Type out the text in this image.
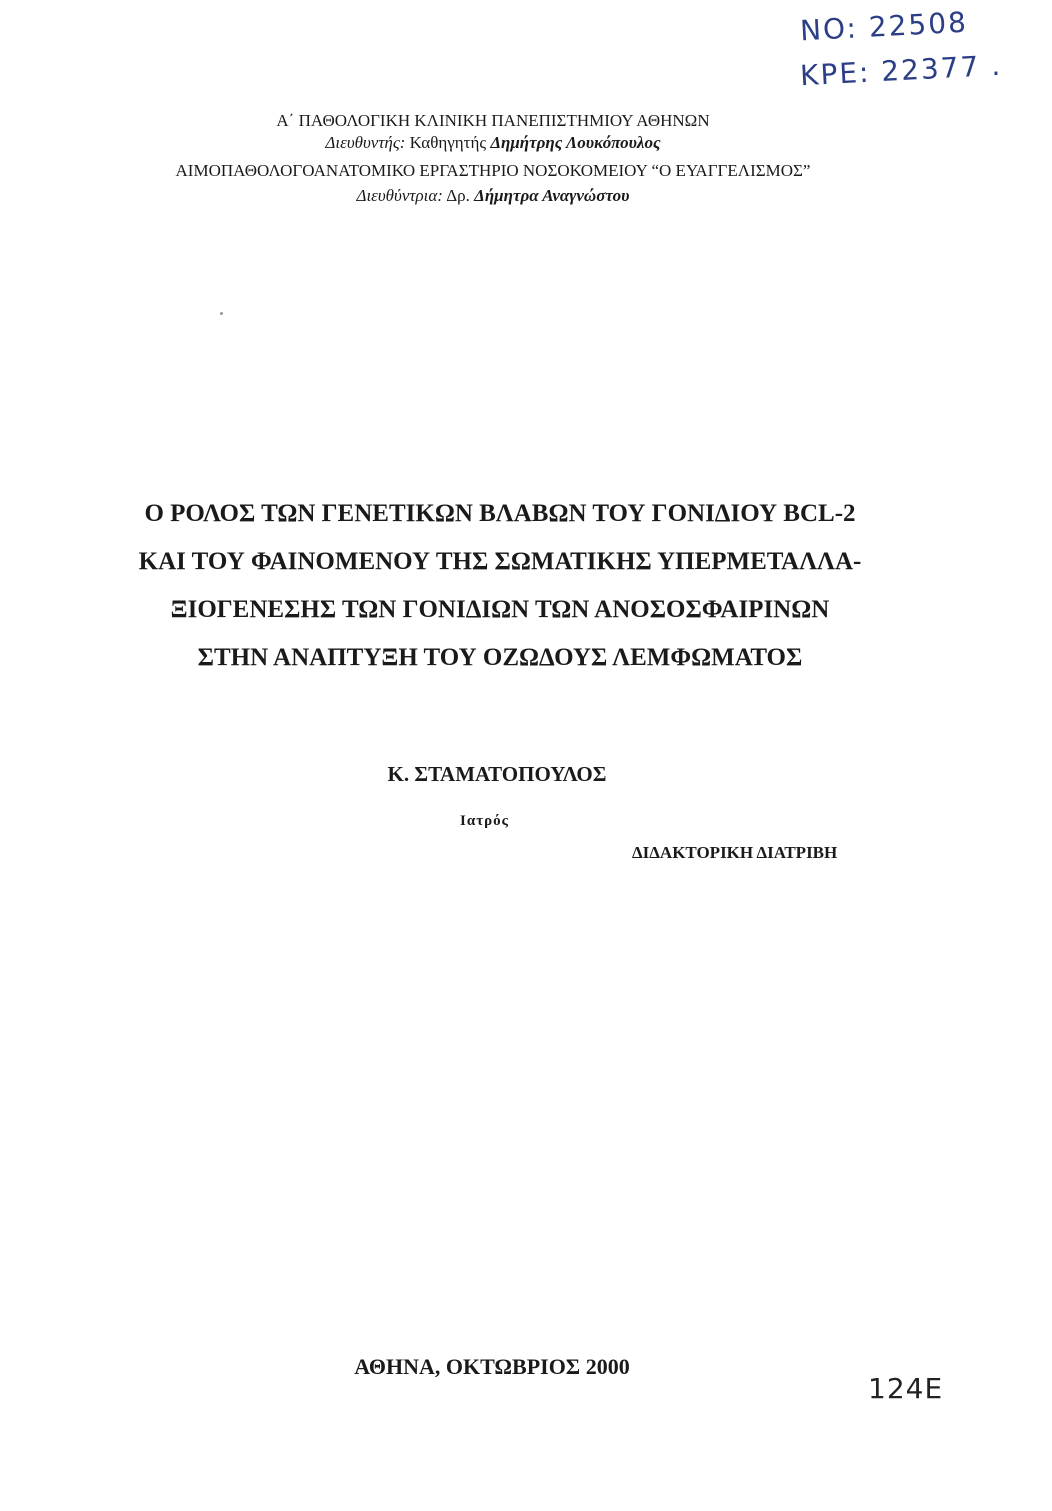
NO: 22508
ΚΡΕ: 22377 .
Α΄ ΠΑΘΟΛΟΓΙΚΗ ΚΛΙΝΙΚΗ ΠΑΝΕΠΙΣΤΗΜΙΟΥ ΑΘΗΝΩΝ
Διευθυντής: Καθηγητής Δημήτρης Λουκόπουλος
ΑΙΜΟΠΑΘΟΛΟΓΟΑΝΑΤΟΜΙΚΟ ΕΡΓΑΣΤΗΡΙΟ ΝΟΣΟΚΟΜΕΙΟΥ “Ο ΕΥΑΓΓΕΛΙΣΜΟΣ”
Διευθύντρια: Δρ. Δήμητρα Αναγνώστου
Ο ΡΟΛΟΣ ΤΩΝ ΓΕΝΕΤΙΚΩΝ ΒΛΑΒΩΝ ΤΟΥ ΓΟΝΙΔΙΟΥ BCL-2
ΚΑΙ ΤΟΥ ΦΑΙΝΟΜΕΝΟΥ ΤΗΣ ΣΩΜΑΤΙΚΗΣ ΥΠΕΡΜΕΤΑΛΛΑ-
ΞΙΟΓΕΝΕΣΗΣ ΤΩΝ ΓΟΝΙΔΙΩΝ ΤΩΝ ΑΝΟΣΟΣΦΑΙΡΙΝΩΝ
ΣΤΗΝ ΑΝΑΠΤΥΞΗ ΤΟΥ ΟΖΩΔΟΥΣ ΛΕΜΦΩΜΑΤΟΣ
Κ. ΣΤΑΜΑΤΟΠΟΥΛΟΣ
Ιατρός
ΔΙΔΑΚΤΟΡΙΚΗ ΔΙΑΤΡΙΒΗ
ΑΘΗΝΑ, ΟΚΤΩΒΡΙΟΣ 2000
124Ε
